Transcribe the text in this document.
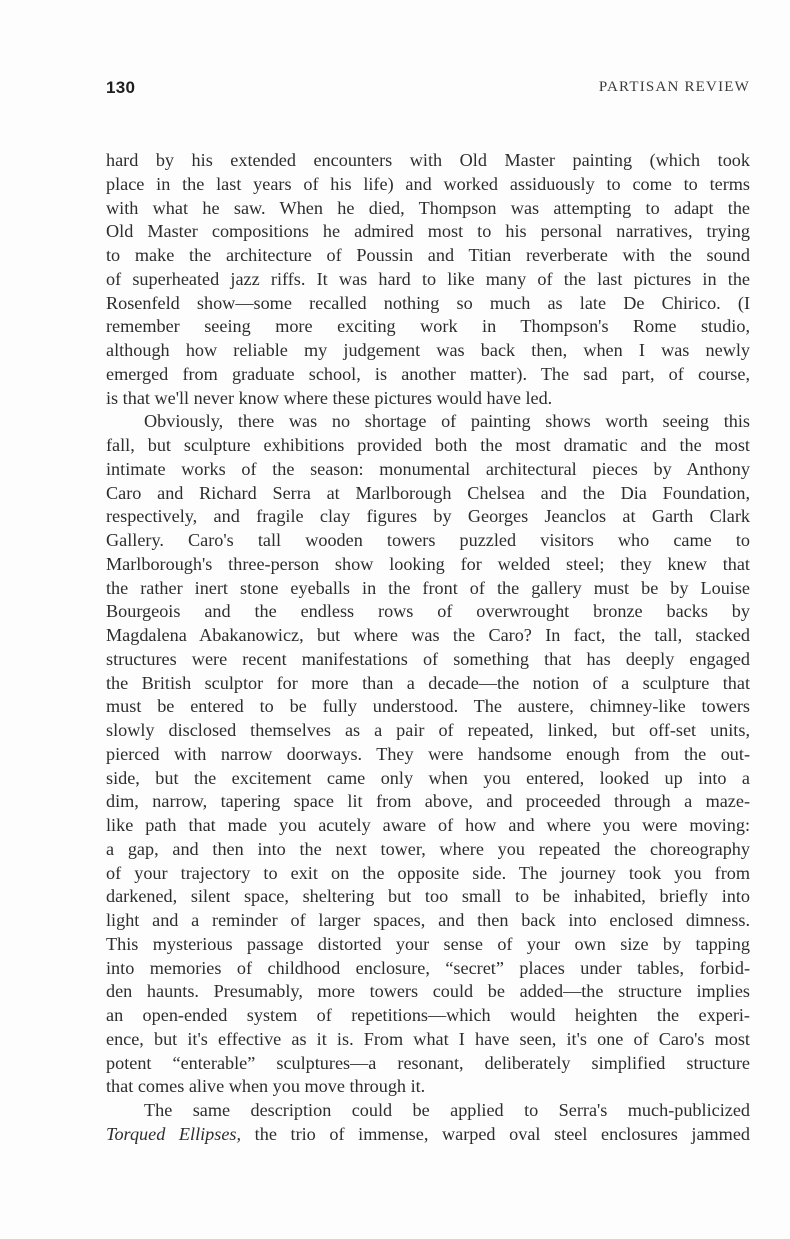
130	PARTISAN REVIEW
hard by his extended encounters with Old Master painting (which took
place in the last years of his life) and worked assiduously to come to terms
with what he saw. When he died, Thompson was attempting to adapt the
Old Master compositions he admired most to his personal narratives, trying
to make the architecture of Poussin and Titian reverberate with the sound
of superheated jazz riffs. It was hard to like many of the last pictures in the
Rosenfeld show—some recalled nothing so much as late De Chirico. (I
remember seeing more exciting work in Thompson's Rome studio,
although how reliable my judgement was back then, when I was newly
emerged from graduate school, is another matter). The sad part, of course,
is that we'll never know where these pictures would have led.
Obviously, there was no shortage of painting shows worth seeing this
fall, but sculpture exhibitions provided both the most dramatic and the most
intimate works of the season: monumental architectural pieces by Anthony
Caro and Richard Serra at Marlborough Chelsea and the Dia Foundation,
respectively, and fragile clay figures by Georges Jeanclos at Garth Clark
Gallery. Caro's tall wooden towers puzzled visitors who came to
Marlborough's three-person show looking for welded steel; they knew that
the rather inert stone eyeballs in the front of the gallery must be by Louise
Bourgeois and the endless rows of overwrought bronze backs by
Magdalena Abakanowicz, but where was the Caro? In fact, the tall, stacked
structures were recent manifestations of something that has deeply engaged
the British sculptor for more than a decade—the notion of a sculpture that
must be entered to be fully understood. The austere, chimney-like towers
slowly disclosed themselves as a pair of repeated, linked, but off-set units,
pierced with narrow doorways. They were handsome enough from the out-
side, but the excitement came only when you entered, looked up into a
dim, narrow, tapering space lit from above, and proceeded through a maze-
like path that made you acutely aware of how and where you were moving:
a gap, and then into the next tower, where you repeated the choreography
of your trajectory to exit on the opposite side. The journey took you from
darkened, silent space, sheltering but too small to be inhabited, briefly into
light and a reminder of larger spaces, and then back into enclosed dimness.
This mysterious passage distorted your sense of your own size by tapping
into memories of childhood enclosure, “secret” places under tables, forbid-
den haunts. Presumably, more towers could be added—the structure implies
an open-ended system of repetitions—which would heighten the experi-
ence, but it's effective as it is. From what I have seen, it's one of Caro's most
potent “enterable” sculptures—a resonant, deliberately simplified structure
that comes alive when you move through it.
The same description could be applied to Serra's much-publicized
Torqued Ellipses, the trio of immense, warped oval steel enclosures jammed
